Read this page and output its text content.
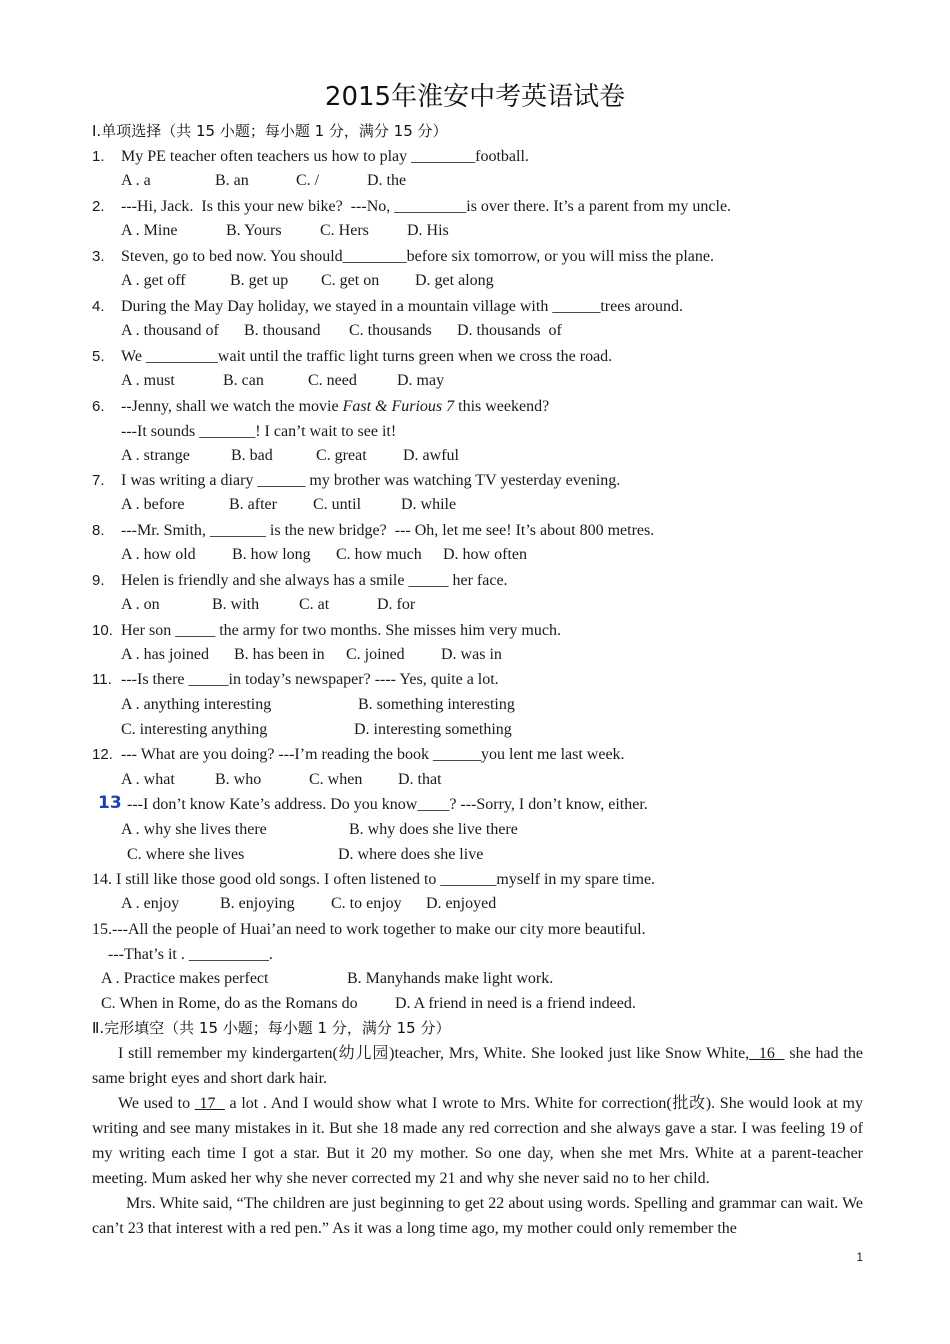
2015年淮安中考英语试卷
Ⅰ.单项选择（共 15 小题；每小题 1 分，满分 15 分）
1.	My PE teacher often teachers us how to play ________football.
A . a	B. an	C. /	D. the
2.	---Hi, Jack.  Is this your new bike?  ---No, _________is over there. It’s a parent from my uncle.
A . Mine	B. Yours C. Hers D. His
3.	Steven, go to bed now. You should________before six tomorrow, or you will miss the plane.
A . get off	B. get up C. get on D. get along
4.	During the May Day holiday, we stayed in a mountain village with ______trees around.
A . thousand of B. thousand C. thousands D. thousands  of
5.	We _________wait until the traffic light turns green when we cross the road.
A . must	B. can	C. need	D. may
6.	--Jenny, shall we watch the movie Fast & Furious 7 this weekend?
---It sounds _______! I can’t wait to see it!
A . strange	B. bad	C. great D. awful
7.	I was writing a diary ______ my brother was watching TV yesterday evening.
A . before	B. after C. until D. while
8.	---Mr. Smith, _______ is the new bridge?  --- Oh, let me see! It’s about 800 metres.
A . how old B. how long C. how much D. how often
9.	Helen is friendly and she always has a smile _____ her face.
A . on	B. with C. at	D. for
10. Her son _____ the army for two months. She misses him very much.
A . has joined B. has been in C. joined D. was in
11. ---Is there _____in today’s newspaper? ---- Yes, quite a lot.
A . anything interesting	B. something interesting
C. interesting anything	D. interesting something
12. --- What are you doing? ---I’m reading the book ______you lent me last week.
A . what	B. who	C. when D. that
13 ---I don’t know Kate’s address. Do you know____? ---Sorry, I don’t know, either.
A . why she lives there	B. why does she live there
C. where she lives	D. where does she live
14. I still like those good old songs. I often listened to _______myself in my spare time.
A . enjoy	B. enjoying C. to enjoy D. enjoyed
15.---All the people of Huai’an need to work together to make our city more beautiful.
---That’s it . __________.
A . Practice makes perfect	B. Manyhands make light work.
C. When in Rome, do as the Romans do D. A friend in need is a friend indeed.
Ⅱ.完形填空（共 15 小题；每小题 1 分，满分 15 分）
I still remember my kindergarten(幼儿园)teacher, Mrs, White. She looked just like Snow White,  16   she had the same bright eyes and short dark hair.
We used to  17   a lot . And I would show what I wrote to Mrs. White for correction(批改). She would look at my writing and see many mistakes in it. But she 18 made any red correction and she always gave a star. I was feeling 19 of my writing each time I got a star. But it 20 my mother. So one day, when she met Mrs. White at a parent-teacher meeting. Mum asked her why she never corrected my 21 and why she never said no to her child.
Mrs. White said, “The children are just beginning to get 22 about using words. Spelling and grammar can wait. We can’t 23 that interest with a red pen.” As it was a long time ago, my mother could only remember the
1
